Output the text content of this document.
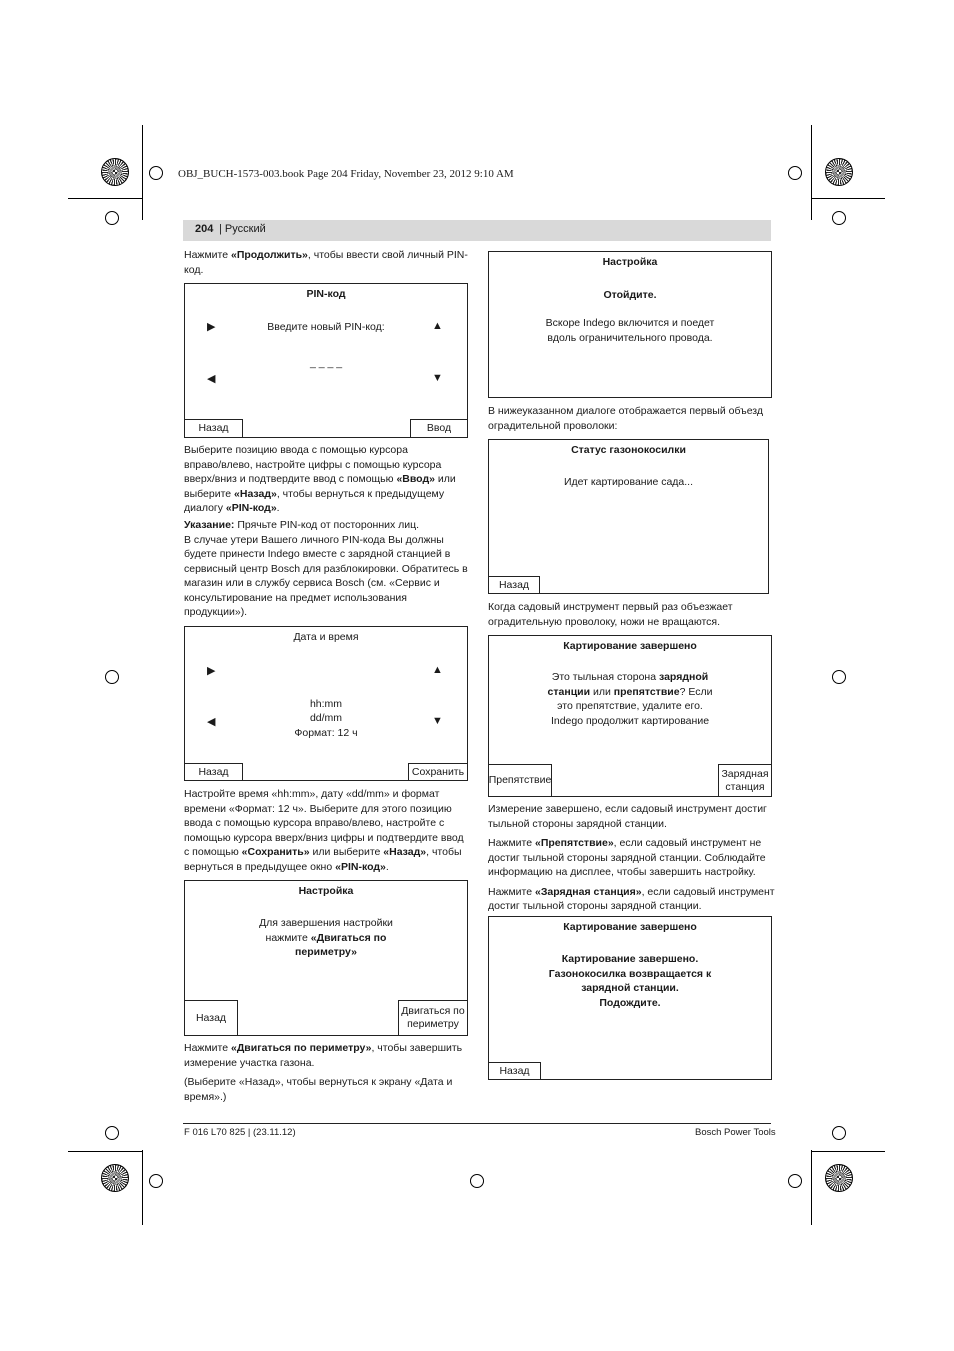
OBJ_BUCH-1573-003.book Page 204 Friday, November 23, 2012 9:10 AM
204 | Русский
Нажмите «Продолжить», чтобы ввести свой личный PIN-
код.
PIN-код
Введите новый PIN-код:
_ _ _ _
▶	▲
◀	▼
Назад	Ввод
Выберите позицию ввода с помощью курсора
вправо/влево, настройте цифры с помощью курсора
вверх/вниз и подтвердите ввод с помощью «Ввод» или
выберите «Назад», чтобы вернуться к предыдущему
диалогу «PIN-код».
Указание: Прячьте PIN-код от посторонних лиц.
В случае утери Вашего личного PIN-кода Вы должны
будете принести Indego вместе с зарядной станцией в
сервисный центр Bosch для разблокировки. Обратитесь в
магазин или в службу сервиса Bosch (см. «Сервис и
консультирование на предмет использования
продукции»).
Дата и время
▶	▲
◀	▼
hh:mm
dd/mm
Формат: 12 ч
Назад	Сохранить
Настройте время «hh:mm», дату «dd/mm» и формат
времени «Формат: 12 ч». Выберите для этого позицию
ввода с помощью курсора вправо/влево, настройте с
помощью курсора вверх/вниз цифры и подтвердите ввод
с помощью «Сохранить» или выберите «Назад», чтобы
вернуться в предыдущее окно «PIN-код».
Настройка
Для завершения настройки
нажмите «Двигаться по
периметру»
Назад
Двигаться по
периметру

Нажмите «Двигаться по периметру», чтобы завершить
измерение участка газона.

(Выберите «Назад», чтобы вернуться к экрану «Дата и
время».)

Настройка
Отойдите.
Вскоре Indego включится и поедет
вдоль ограничительного провода.
В нижеуказанном диалоге отображается первый объезд
оградительной проволоки:
Статус газонокосилки
Идет картирование сада...
Назад
Когда садовый инструмент первый раз объезжает
оградительную проволоку, ножи не вращаются.
Картирование завершено
Это тыльная сторона зарядной
станции или препятствие? Если
это препятствие, удалите его.
Indego продолжит картирование
Препятствие
Зарядная
станция

Измерение завершено, если садовый инструмент достиг
тыльной стороны зарядной станции.

Нажмите «Препятствие», если садовый инструмент не
достиг тыльной стороны зарядной станции. Соблюдайте
информацию на дисплее, чтобы завершить настройку.

Нажмите «Зарядная станция», если садовый инструмент
достиг тыльной стороны зарядной станции.

Картирование завершено
Картирование завершено.
Газонокосилка возвращается к
зарядной станции.
Подождите.
Назад
F 016 L70 825 | (23.11.12)	Bosch Power Tools
